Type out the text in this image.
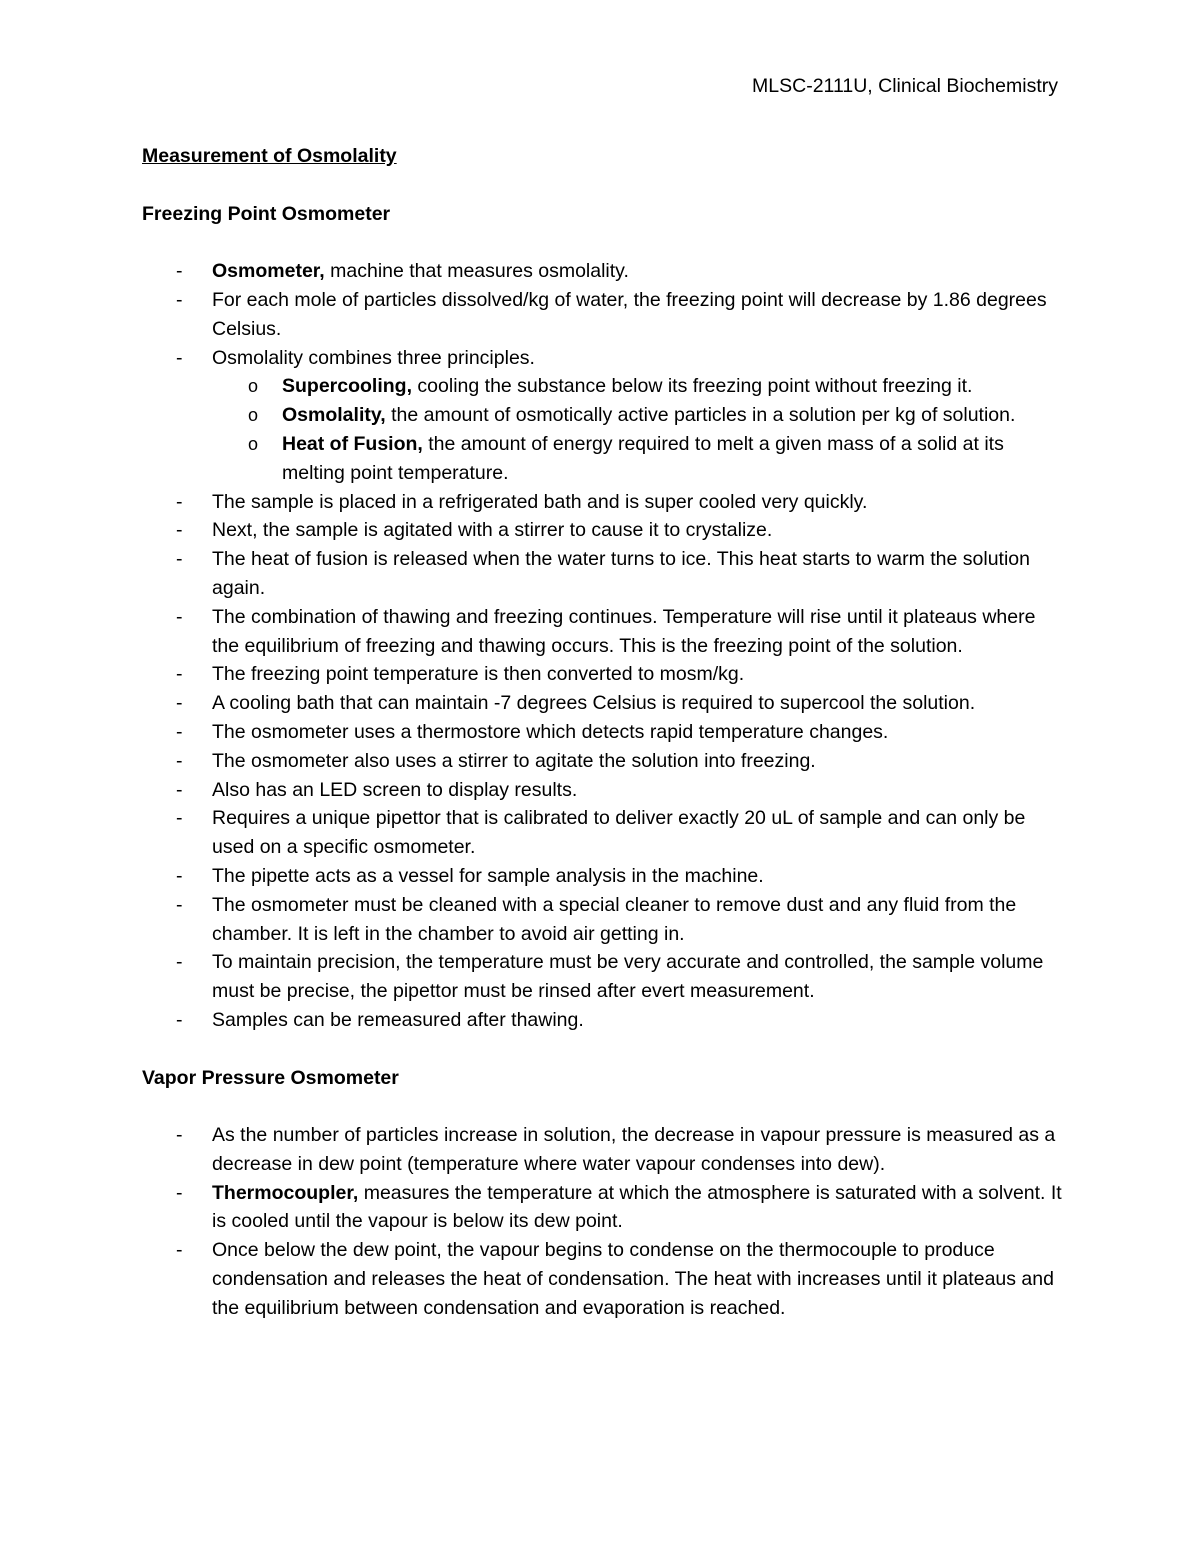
MLSC-2111U, Clinical Biochemistry
Measurement of Osmolality
Freezing Point Osmometer
- Osmometer, machine that measures osmolality.
- For each mole of particles dissolved/kg of water, the freezing point will decrease by 1.86 degrees Celsius.
- Osmolality combines three principles.
o Supercooling, cooling the substance below its freezing point without freezing it.
o Osmolality, the amount of osmotically active particles in a solution per kg of solution.
o Heat of Fusion, the amount of energy required to melt a given mass of a solid at its melting point temperature.
- The sample is placed in a refrigerated bath and is super cooled very quickly.
- Next, the sample is agitated with a stirrer to cause it to crystalize.
- The heat of fusion is released when the water turns to ice. This heat starts to warm the solution again.
- The combination of thawing and freezing continues. Temperature will rise until it plateaus where the equilibrium of freezing and thawing occurs. This is the freezing point of the solution.
- The freezing point temperature is then converted to mosm/kg.
- A cooling bath that can maintain -7 degrees Celsius is required to supercool the solution.
- The osmometer uses a thermostore which detects rapid temperature changes.
- The osmometer also uses a stirrer to agitate the solution into freezing.
- Also has an LED screen to display results.
- Requires a unique pipettor that is calibrated to deliver exactly 20 uL of sample and can only be used on a specific osmometer.
- The pipette acts as a vessel for sample analysis in the machine.
- The osmometer must be cleaned with a special cleaner to remove dust and any fluid from the chamber. It is left in the chamber to avoid air getting in.
- To maintain precision, the temperature must be very accurate and controlled, the sample volume must be precise, the pipettor must be rinsed after evert measurement.
- Samples can be remeasured after thawing.
Vapor Pressure Osmometer
- As the number of particles increase in solution, the decrease in vapour pressure is measured as a decrease in dew point (temperature where water vapour condenses into dew).
- Thermocoupler, measures the temperature at which the atmosphere is saturated with a solvent. It is cooled until the vapour is below its dew point.
- Once below the dew point, the vapour begins to condense on the thermocouple to produce condensation and releases the heat of condensation. The heat with increases until it plateaus and the equilibrium between condensation and evaporation is reached.
